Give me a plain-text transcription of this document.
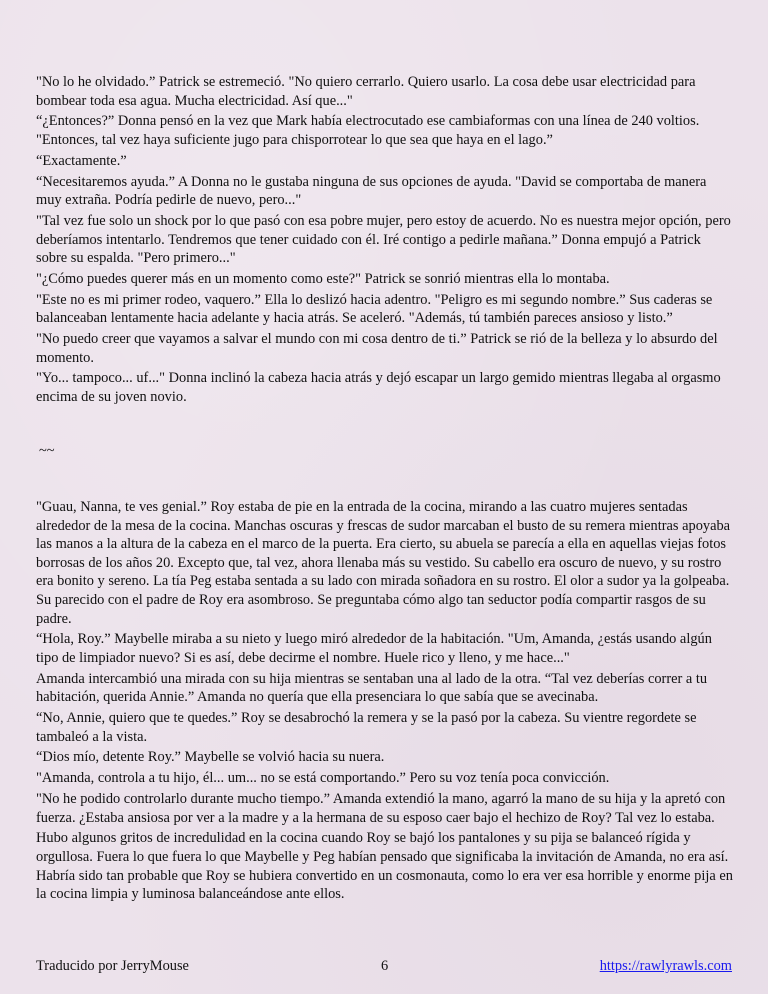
"No lo he olvidado.” Patrick se estremeció. "No quiero cerrarlo. Quiero usarlo. La cosa debe usar electricidad para bombear toda esa agua. Mucha electricidad. Así que..."

“¿Entonces?” Donna pensó en la vez que Mark había electrocutado ese cambiaformas con una línea de 240 voltios. "Entonces, tal vez haya suficiente jugo para chisporrotear lo que sea que haya en el lago.”

“Exactamente.”

“Necesitaremos ayuda.” A Donna no le gustaba ninguna de sus opciones de ayuda. "David se comportaba de manera muy extraña. Podría pedirle de nuevo, pero..."

"Tal vez fue solo un shock por lo que pasó con esa pobre mujer, pero estoy de acuerdo. No es nuestra mejor opción, pero deberíamos intentarlo. Tendremos que tener cuidado con él. Iré contigo a pedirle mañana.” Donna empujó a Patrick sobre su espalda. "Pero primero..."

"¿Cómo puedes querer más en un momento como este?" Patrick se sonrió mientras ella lo montaba.

"Este no es mi primer rodeo, vaquero.” Ella lo deslizó hacia adentro. "Peligro es mi segundo nombre.” Sus caderas se balanceaban lentamente hacia adelante y hacia atrás. Se aceleró. "Además, tú también pareces ansioso y listo.”

"No puedo creer que vayamos a salvar el mundo con mi cosa dentro de ti.” Patrick se rió de la belleza y lo absurdo del momento.

"Yo... tampoco... uf..." Donna inclinó la cabeza hacia atrás y dejó escapar un largo gemido mientras llegaba al orgasmo encima de su joven novio.

~~

"Guau, Nanna, te ves genial.” Roy estaba de pie en la entrada de la cocina, mirando a las cuatro mujeres sentadas alrededor de la mesa de la cocina. Manchas oscuras y frescas de sudor marcaban el busto de su remera mientras apoyaba las manos a la altura de la cabeza en el marco de la puerta. Era cierto, su abuela se parecía a ella en aquellas viejas fotos borrosas de los años 20. Excepto que, tal vez, ahora llenaba más su vestido. Su cabello era oscuro de nuevo, y su rostro era bonito y sereno. La tía Peg estaba sentada a su lado con mirada soñadora en su rostro. El olor a sudor ya la golpeaba. Su parecido con el padre de Roy era asombroso. Se preguntaba cómo algo tan seductor podía compartir rasgos de su padre.

“Hola, Roy.” Maybelle miraba a su nieto y luego miró alrededor de la habitación. "Um, Amanda, ¿estás usando algún tipo de limpiador nuevo? Si es así, debe decirme el nombre. Huele rico y lleno, y me hace..."

Amanda intercambió una mirada con su hija mientras se sentaban una al lado de la otra. “Tal vez deberías correr a tu habitación, querida Annie.” Amanda no quería que ella presenciara lo que sabía que se avecinaba.

“No, Annie, quiero que te quedes.” Roy se desabrochó la remera y se la pasó por la cabeza. Su vientre regordete se tambaleó a la vista.

“Dios mío, detente Roy.” Maybelle se volvió hacia su nuera.

"Amanda, controla a tu hijo, él... um... no se está comportando.” Pero su voz tenía poca convicción.

"No he podido controlarlo durante mucho tiempo.” Amanda extendió la mano, agarró la mano de su hija y la apretó con fuerza. ¿Estaba ansiosa por ver a la madre y a la hermana de su esposo caer bajo el hechizo de Roy? Tal vez lo estaba.

Hubo algunos gritos de incredulidad en la cocina cuando Roy se bajó los pantalones y su pija se balanceó rígida y orgullosa. Fuera lo que fuera lo que Maybelle y Peg habían pensado que significaba la invitación de Amanda, no era así. Habría sido tan probable que Roy se hubiera convertido en un cosmonauta, como lo era ver esa horrible y enorme pija en la cocina limpia y luminosa balanceándose ante ellos.

Traducido por JerryMouse	6	https://rawlyrawls.com
